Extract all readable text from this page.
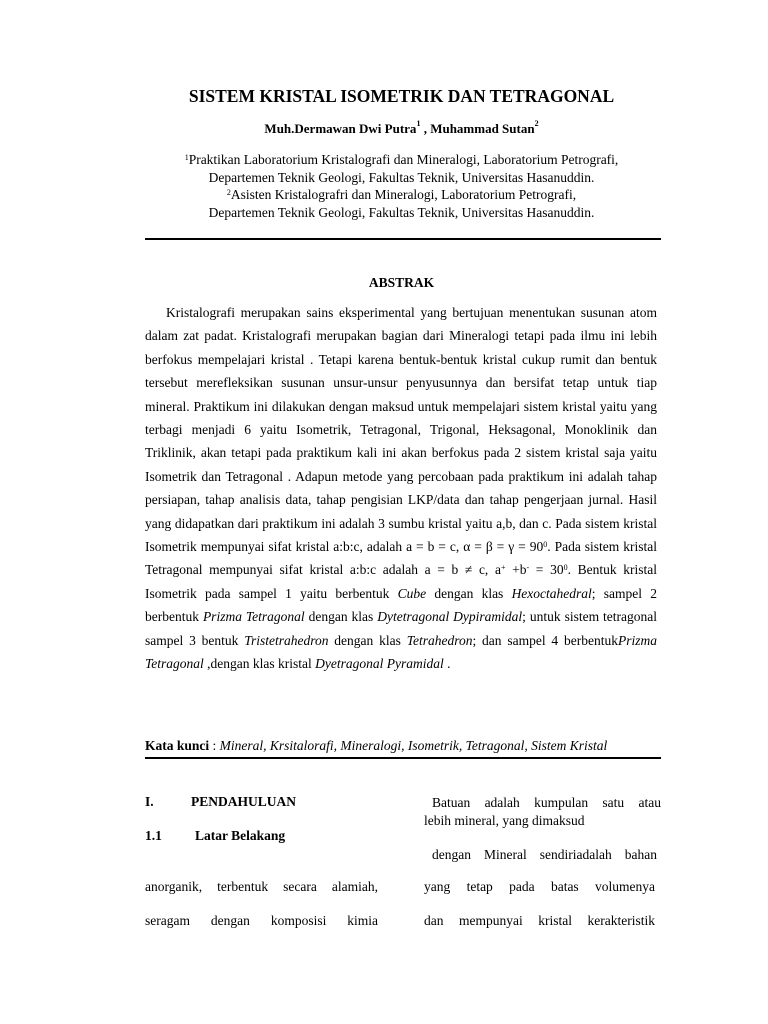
SISTEM KRISTAL ISOMETRIK DAN TETRAGONAL
Muh.Dermawan Dwi Putra$^1$ , Muhammad Sutan$^2$
$^1$Praktikan Laboratorium Kristalografi dan Mineralogi, Laboratorium Petrografi,
Departemen Teknik Geologi, Fakultas Teknik, Universitas Hasanuddin.
$^2$Asisten Kristalografri dan Mineralogi, Laboratorium Petrografi,
Departemen Teknik Geologi, Fakultas Teknik, Universitas Hasanuddin.
ABSTRAK

Kristalografi merupakan sains eksperimental yang bertujuan menentukan susunan atom dalam zat padat. Kristalografi merupakan bagian dari Mineralogi tetapi pada ilmu ini lebih berfokus mempelajari kristal . Tetapi karena bentuk-bentuk kristal cukup rumit dan bentuk tersebut merefleksikan susunan unsur-unsur penyusunnya dan bersifat tetap untuk tiap mineral. Praktikum ini dilakukan dengan maksud untuk mempelajari sistem kristal yaitu yang terbagi menjadi 6 yaitu Isometrik, Tetragonal, Trigonal, Heksagonal, Monoklinik dan Triklinik, akan tetapi pada praktikum kali ini akan berfokus pada 2 sistem kristal saja yaitu Isometrik dan Tetragonal . Adapun metode yang percobaan pada praktikum ini adalah tahap persiapan, tahap analisis data, tahap pengisian LKP/data dan tahap pengerjaan jurnal. Hasil yang didapatkan dari praktikum ini adalah 3 sumbu kristal yaitu a,b, dan c. Pada sistem kristal Isometrik mempunyai sifat kristal a:b:c, adalah a = b = c, $\alpha = \beta = \gamma = 90^0$. Pada sistem kristal Tetragonal mempunyai sifat kristal a:b:c adalah a = b ≠ c, $a^+ +b^- = 30^0$. Bentuk kristal Isometrik pada sampel 1 yaitu berbentuk Cube dengan klas Hexoctahedral; sampel 2 berbentuk Prizma Tetragonal dengan klas Dytetragonal Dypiramidal; untuk sistem tetragonal sampel 3 bentuk Tristetrahedron dengan klas Tetrahedron; dan sampel 4 berbentukPrizma Tetragonal ,dengan klas kristal Dyetragonal Pyramidal .

Kata kunci : Mineral, Krsitalorafi, Mineralogi, Isometrik, Tetragonal, Sistem Kristal
I.	PENDAHULUAN
1.1 Latar Belakang
anorganik, terbentuk secara alamiah,
seragam dengan komposisi kimia
Batuan adalah kumpulan satu atau
lebih mineral, yang dimaksud
dengan Mineral sendiriadalah bahan
yang tetap pada batas volumenya
dan mempunyai kristal kerakteristik
